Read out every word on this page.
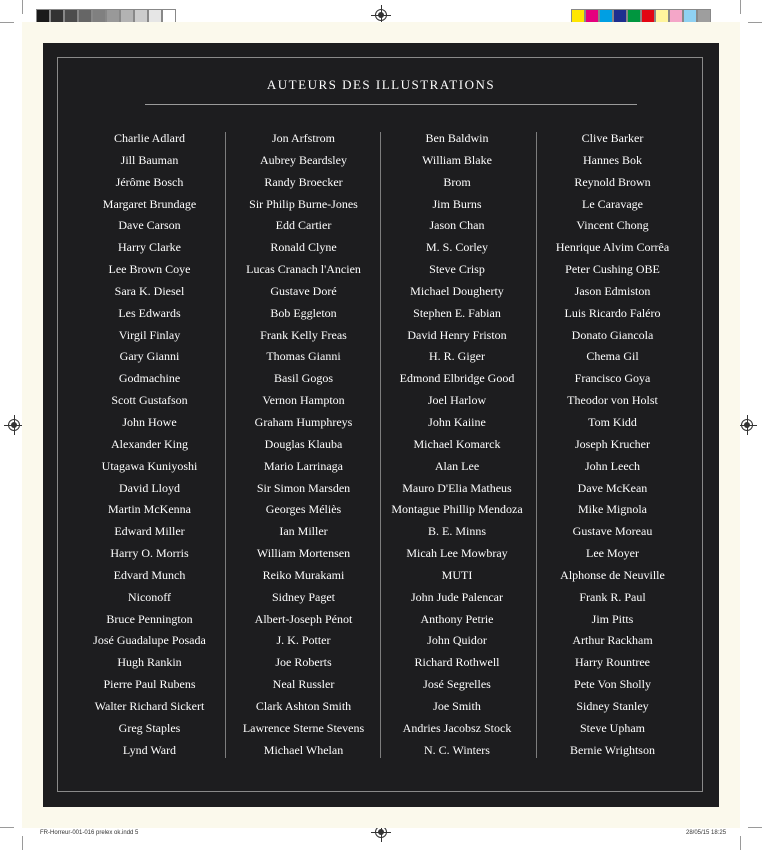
AUTEURS DES ILLUSTRATIONS
Charlie Adlard
Jill Bauman
Jérôme Bosch
Margaret Brundage
Dave Carson
Harry Clarke
Lee Brown Coye
Sara K. Diesel
Les Edwards
Virgil Finlay
Gary Gianni
Godmachine
Scott Gustafson
John Howe
Alexander King
Utagawa Kuniyoshi
David Lloyd
Martin McKenna
Edward Miller
Harry O. Morris
Edvard Munch
Niconoff
Bruce Pennington
José Guadalupe Posada
Hugh Rankin
Pierre Paul Rubens
Walter Richard Sickert
Greg Staples
Lynd Ward
Jon Arfstrom
Aubrey Beardsley
Randy Broecker
Sir Philip Burne-Jones
Edd Cartier
Ronald Clyne
Lucas Cranach l'Ancien
Gustave Doré
Bob Eggleton
Frank Kelly Freas
Thomas Gianni
Basil Gogos
Vernon Hampton
Graham Humphreys
Douglas Klauba
Mario Larrinaga
Sir Simon Marsden
Georges Méliès
Ian Miller
William Mortensen
Reiko Murakami
Sidney Paget
Albert-Joseph Pénot
J. K. Potter
Joe Roberts
Neal Russler
Clark Ashton Smith
Lawrence Sterne Stevens
Michael Whelan
Ben Baldwin
William Blake
Brom
Jim Burns
Jason Chan
M. S. Corley
Steve Crisp
Michael Dougherty
Stephen E. Fabian
David Henry Friston
H. R. Giger
Edmond Elbridge Good
Joel Harlow
John Kaiine
Michael Komarck
Alan Lee
Mauro D'Elia Matheus
Montague Phillip Mendoza
B. E. Minns
Micah Lee Mowbray
MUTI
John Jude Palencar
Anthony Petrie
John Quidor
Richard Rothwell
José Segrelles
Joe Smith
Andries Jacobsz Stock
N. C. Winters
Clive Barker
Hannes Bok
Reynold Brown
Le Caravage
Vincent Chong
Henrique Alvim Corrêa
Peter Cushing OBE
Jason Edmiston
Luis Ricardo Faléro
Donato Giancola
Chema Gil
Francisco Goya
Theodor von Holst
Tom Kidd
Joseph Krucher
John Leech
Dave McKean
Mike Mignola
Gustave Moreau
Lee Moyer
Alphonse de Neuville
Frank R. Paul
Jim Pitts
Arthur Rackham
Harry Rountree
Pete Von Sholly
Sidney Stanley
Steve Upham
Bernie Wrightson
FR-Horreur-001-016 prelex ok.indd 5	28/05/15 18:25
